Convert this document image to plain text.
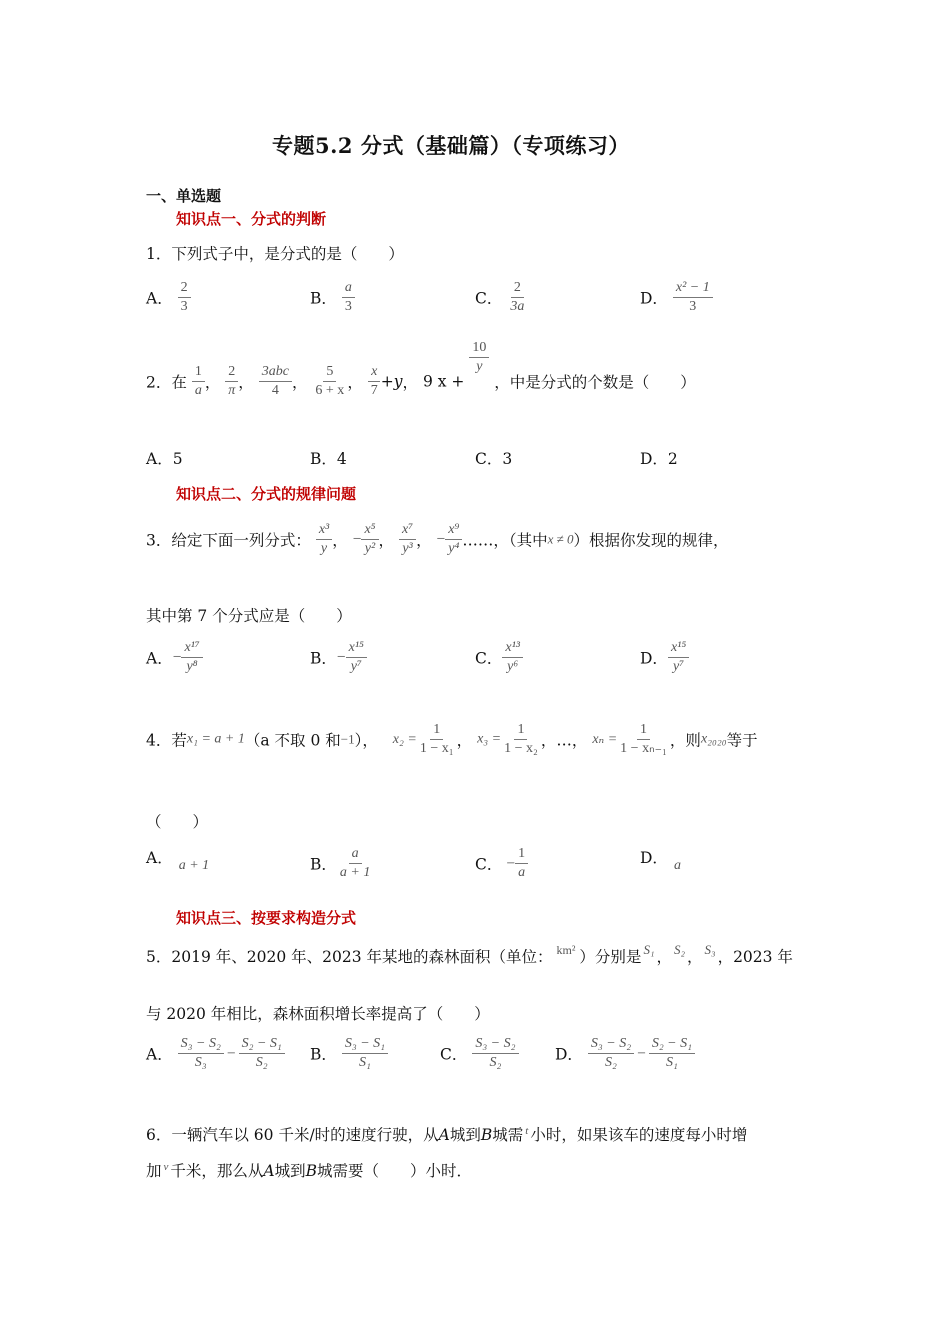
专题5.2 分式（基础篇）（专项练习）
一、单选题
知识点一、分式的判断
1．下列式子中，是分式的是（　　）
A． $\frac{2}{3}$	B． $\frac{a}{3}$	C． $\frac{2}{3a}$	D． $\frac{\text{x² − 1}}{3}$
2．在 $\frac{1}{a}$ ， $\frac{2}{\pi}$ ， $\frac{\text{3abc}}{4}$ ， $\frac{5}{6 + x}$ ， $\frac{x}{7} +y$， 9 x +
$\frac{10}{y}$
，中是分式的个数是（　　）
A．5	B．4	C．3	D．2
知识点二、分式的规律问题
3．给定下面一列分式： $\frac{\text{x³}}{y}$ ， − $\frac{\text{x⁵}}{\text{y²}}$ ， $\frac{\text{x⁷}}{\text{y³}}$ ， − $\frac{\text{x⁹}}{\text{y⁴}}$ ……，（其中x ≠ 0）根据你发现的规律，
其中第 7 个分式应是（　　）
A．− $\frac{\text{x¹⁷}}{\text{y⁸}}$	B．− $\frac{\text{x¹⁵}}{\text{y⁷}}$	C． $\frac{\text{x¹³}}{\text{y⁶}}$	D． $\frac{\text{x¹⁵}}{\text{y⁷}}$
4．若x₁ = a + 1（a 不取 0 和−1）， $x_2 = \frac{1}{\text{1 − x₁}}$ ， $x_3 = \frac{1}{\text{1 − x₂}}$ ，…， $x_n = \frac{1}{\text{1 − xₙ₋₁}}$ ，则x₂₀₂₀等于
（　　）
A． a + 1	B． $\frac{a}{a + 1}$	C． − $\frac{1}{a}$	D． a
知识点三、按要求构造分式
5．2019 年、2020 年、2023 年某地的森林面积（单位： $^{km^2}$ ）分别是 $^{S_1}$ ， $^{S_2}$ ， $^{S_3}$ ，2023 年
与 2020 年相比，森林面积增长率提高了（　　）
A． $\frac{\text{S₃ − S₂}}{\text{S₃}} - \frac{\text{S₂ − S₁}}{\text{S₂}}$ B． $\frac{\text{S₃ − S₁}}{\text{S₁}}$	C． $\frac{\text{S₃ − S₂}}{\text{S₂}}$ D． $\frac{\text{S₃ − S₂}}{\text{S₂}} - \frac{\text{S₂ − S₁}}{\text{S₁}}$
6．一辆汽车以 60 千米/时的速度行驶，从A城到B城需 $^t$ 小时，如果该车的速度每小时增
加 $^v$ 千米，那么从A城到B城需要（　　）小时．
